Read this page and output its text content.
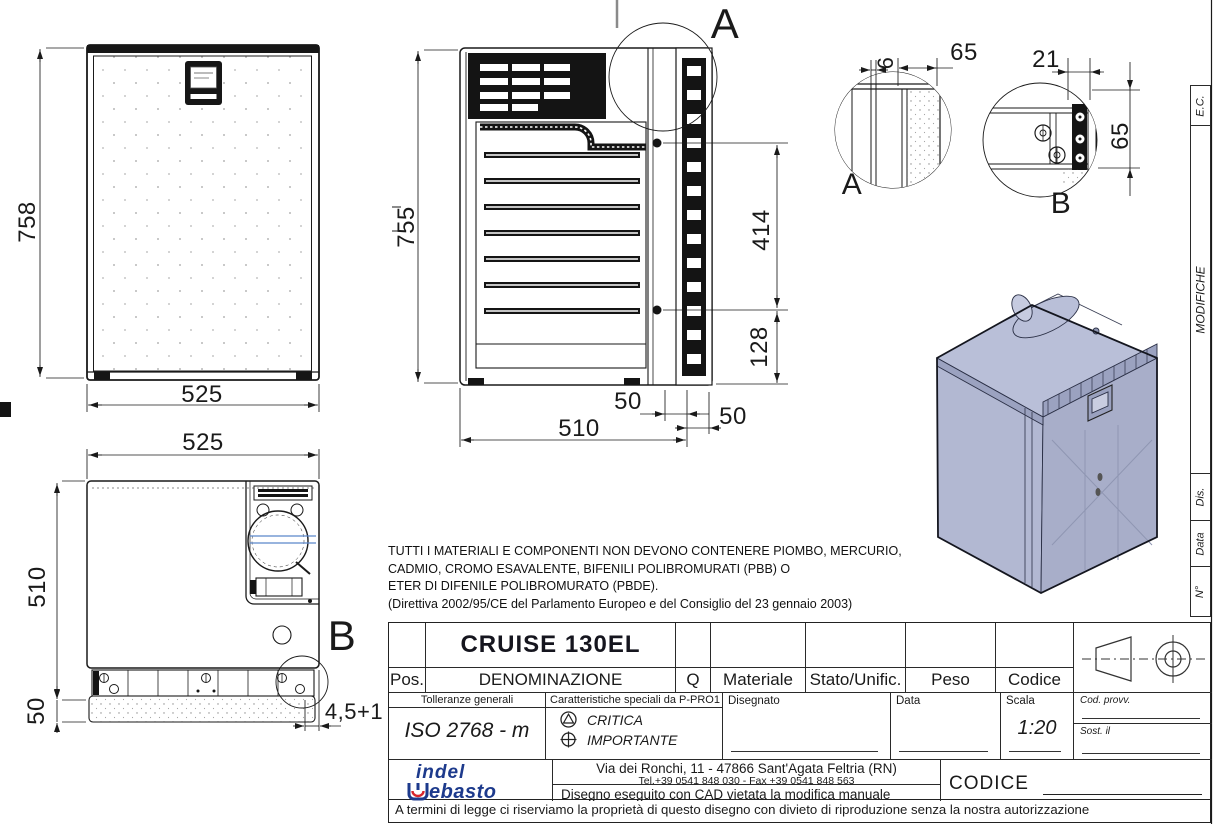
758
525
755	414
128
50
510	50
525
510
50	4,5+1
6 65 21
65
A
B
A
B
TUTTI I MATERIALI E COMPONENTI NON DEVONO CONTENERE PIOMBO, MERCURIO,
CADMIO, CROMO ESAVALENTE, BIFENILI POLIBROMURATI (PBB) O
ETER DI DIFENILE POLIBROMURATO (PBDE).
(Direttiva 2002/95/CE del Parlamento Europeo e del Consiglio del 23 gennaio 2003)
CRUISE 130EL
Pos.	DENOMINAZIONE	Q Materiale Stato/Unific. Peso Codice
Tolleranze generali
ISO 2768 - m
Caratteristiche speciali da P-PRO1
CRITICA
IMPORTANTE
Disegnato	Data	Scala
1:20
Cod. provv.
Sost. il
indel
ebasto
Via dei Ronchi, 11 - 47866 Sant'Agata Feltria (RN)
Tel.+39 0541 848 030 - Fax +39 0541 848 563
Disegno eseguito con CAD vietata la modifica manuale
CODICE
A termini di legge ci riserviamo la proprietà di questo disegno con divieto di riproduzione senza la nostra autorizzazione
E.C.
MODIFICHE
Dis.
Data
N°
